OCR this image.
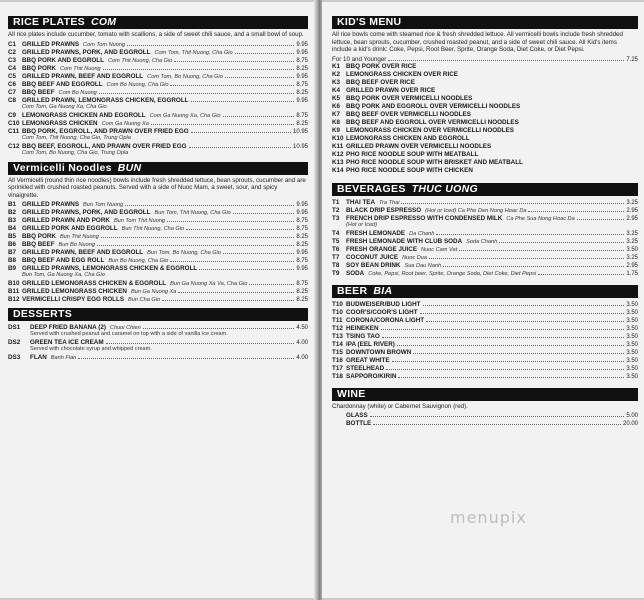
RICE PLATES COM

All rice plates include cucumber, tomato with scallions, a side of sweet chili sauce, and a small bowl of soup.

C1 GRILLED PRAWNS Com Tom Nuong	9.95
C2 GRILLED PRAWNS, PORK, AND EGGROLL Com Tom, Thit Nuong, Cha Gio	9.95
C3 BBQ PORK AND EGGROLL Com Thit Nuong, Cha Gio	8.75
C4 BBQ PORK Com Thit Nuong	8.25
C5 GRILLED PRAWN, BEEF AND EGGROLL Com Tom, Bo Nuong, Cha Gio	9.95
C6 BBQ BEEF AND EGGROLL Com Bo Nuong, Cha Gio	8.75
C7 BBQ BEEF Com Bo Nuong	8.25
C8 GRILLED PRAWN, LEMONGRASS CHICKEN, EGGROLL	9.95
Com Tom, Ga Nuong Xa, Cha Gio
C9 LEMONGRASS CHICKEN AND EGGROLL Com Ga Nuong Xa, Cha Gio	8.75
C10 LEMONGRASS CHICKEN Com Ga Nuong Xa	8.25
C11 BBQ PORK, EGGROLL, AND PRAWN OVER FRIED EGG	10.95
Com Tom, Thit Nuong, Cha Gio, Trung Opla
C12 BBQ BEEF, EGGROLL, AND PRAWN OVER FRIED EGG	10.95
Com Tom, Bo Nuong, Cha Gio, Trung Opla
Vermicelli Noodles BUN

All Vermicelli (round thin rice noodles) bowls include fresh shredded lettuce, bean sprouts, cucumber and are sprinkled with crushed roasted peanuts. Served with a side of Nuoc Mam, a sweet, sour, and spicy vinaigrette.

B1 GRILLED PRAWNS Bun Tom Nuong	9.95
B2 GRILLED PRAWNS, PORK, AND EGGROLL Bun Tom, Thit Nuong, Cha Gio	9.95
B3 GRILLED PRAWN AND PORK Bun Tom Thit Nuong	8.75
B4 GRILLED PORK AND EGGROLL Bun Thit Nuong, Cha Gio	8.75
B5 BBQ PORK Bun Thit Nuong	8.25
B6 BBQ BEEF Bun Bo Nuong	8.25
B7 GRILLED PRAWN, BEEF AND EGGROLL Bun Tom, Bo Nuong, Cha Gio	9.95
B8 BBQ BEEF AND EGG ROLL Bun Bo Nuong, Cha Gio	8.75
B9 GRILLED PRAWNS, LEMONGRASS CHICKEN & EGGROLL	9.95
Bun Tom, Ga Nuong Xa, Cha Gio
B10 GRILLED LEMONGRASS CHICKEN & EGGROLL Bun Ga Nuong Xa Va, Cha Gio	8.75
B11 GRILLED LEMONGRASS CHICKEN Bun Ga Nuong Xa	8.25
B12 VERMICELLI CRISPY EGG ROLLS Bun Cha Gio	8.25
DESSERTS
DS1	DEEP FRIED BANANA (2) Chuoi Chien	4.50
Served with crushed peanut and caramel on top with a side of vanilla ice cream.
DS2	GREEN TEA ICE CREAM	4.00
Served with chocolate syrup and whipped cream.
DS3	FLAN Banh Flan	4.00
KID'S MENU

All rice bowls come with steamed rice & fresh shredded lettuce. All vermicelli bowls include fresh shredded lettuce, bean sprouts, cucumber, crushed roasted peanut, and a side of sweet chili sauce. All Kid's items include a kid's drink: Coke, Pepsi, Root Beer, Sprite, Orange Soda, Diet Coke, or Diet Pepsi.

For 10 and Younger	7.25
K1 BBQ PORK OVER RICE
K2 LEMONGRASS CHICKEN OVER RICE
K3 BBQ BEEF OVER RICE
K4 GRILLED PRAWN OVER RICE
K5 BBQ PORK OVER VERMICELLI NOODLES
K6 BBQ PORK AND EGGROLL OVER VERMICELLI NOODLES
K7 BBQ BEEF OVER VERMICELLI NOODLES
K8 BBQ BEEF AND EGGROLL OVER VERMICELLI NOODLES
K9 LEMONGRASS CHICKEN OVER VERMICELLI NOODLES
K10 LEMONGRASS CHICKEN AND EGGROLL
K11 GRILLED PRAWN OVER VERMICELLI NOODLES
K12 PHO RICE NOODLE SOUP WITH MEATBALL
K13 PHO RICE NOODLE SOUP WITH BRISKET AND MEATBALL
K14 PHO RICE NOODLE SOUP WITH CHICKEN
BEVERAGES THUC UONG
T1	THAI TEA Tra Thai	3.25
T2	BLACK DRIP ESPRESSO (Hot or Iced) Ca Phe Den Nong Hoac Da	2.95
T3	FRENCH DRIP ESPRESSO WITH CONDENSED MILK Ca Phe Sua Nong Hoac Da	2.95
(Hot or Iced)
T4	FRESH LEMONADE Da Chanh	3.25
T5	FRESH LEMONADE WITH CLUB SODA Soda Chanh	3.25
T6	FRESH ORANGE JUICE Nuoc Cam Vat	3.50
T7	COCONUT JUICE Nuoc Dua	3.25
T8	SOY BEAN DRINK Sua Dau Nanh	2.95
T9	SODA Coke, Pepsi, Root beer, Sprite, Orange Soda, Diet Coke, Diet Pepsi	1.75
BEER BIA
T10 BUDWEISER/BUD LIGHT	3.50
T10 COOR'S/COOR'S LIGHT	3.50
T11 CORONA/CORONA LIGHT	3.50
T12 HEINEKEN	3.50
T13 TSING TAO	3.50
T14 IPA (EEL RIVER)	3.50
T15 DOWNTOWN BROWN	3.50
T16 GREAT WHITE	3.50
T17 STEELHEAD	3.50
T18 SAPPORO/KIRIN	3.50
WINE

Chardonnay (white) or Cabernet Sauvignon (red).

GLASS	5.00
BOTTLE	20.00
menupix
